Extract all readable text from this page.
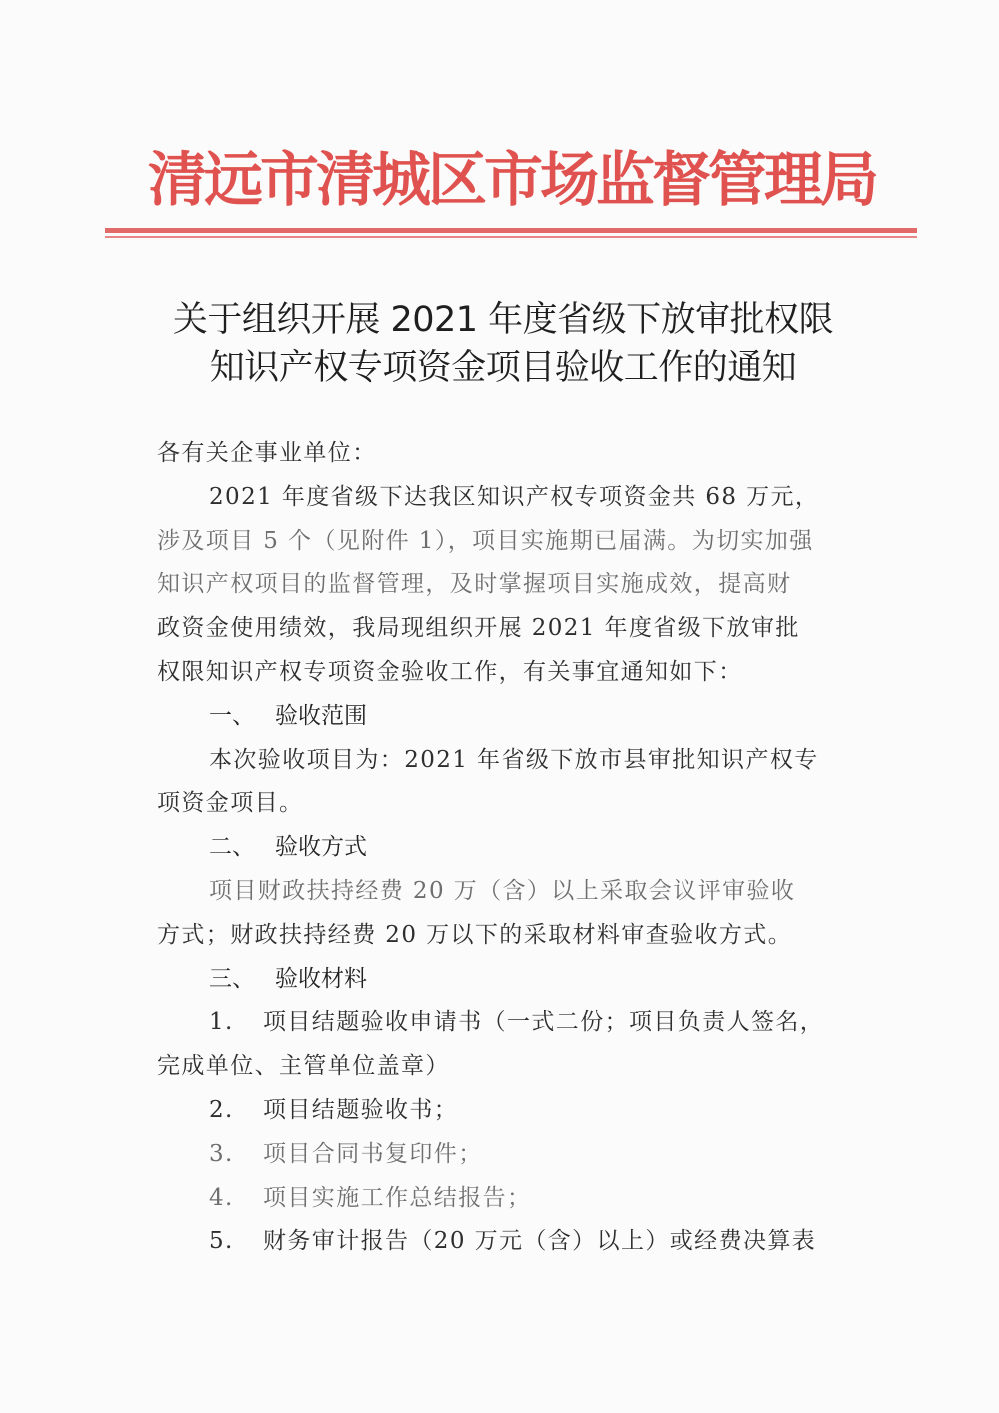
清远市清城区市场监督管理局
关于组织开展 2021 年度省级下放审批权限
知识产权专项资金项目验收工作的通知
各有关企事业单位：
2021 年度省级下达我区知识产权专项资金共 68 万元，
涉及项目 5 个（见附件 1），项目实施期已届满。为切实加强
知识产权项目的监督管理，及时掌握项目实施成效，提高财
政资金使用绩效，我局现组织开展 2021 年度省级下放审批
权限知识产权专项资金验收工作，有关事宜通知如下：
一、 验收范围
本次验收项目为：2021 年省级下放市县审批知识产权专
项资金项目。
二、 验收方式
项目财政扶持经费 20 万（含）以上采取会议评审验收
方式；财政扶持经费 20 万以下的采取材料审查验收方式。
三、 验收材料
1. 项目结题验收申请书（一式二份；项目负责人签名，
完成单位、主管单位盖章）
2. 项目结题验收书；
3. 项目合同书复印件；
4. 项目实施工作总结报告；
5. 财务审计报告（20 万元（含）以上）或经费决算表
